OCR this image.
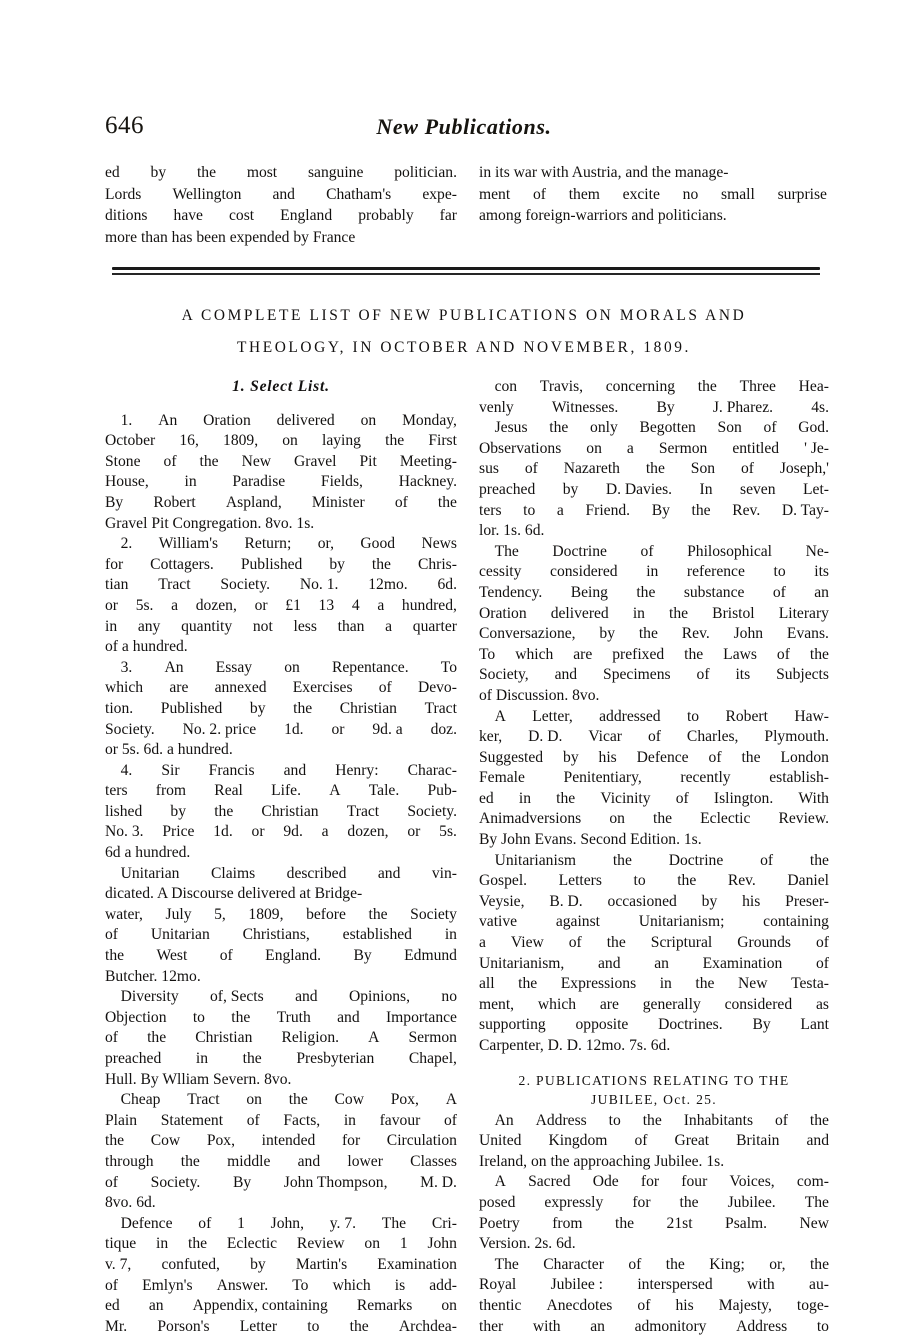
646	New Publications.
ed by the most sanguine politician.
Lords Wellington and Chatham's expe-
ditions have cost England probably far
more than has been expended by France
in its war with Austria, and the manage-
ment of them excite no small surprise
among foreign-warriors and politicians.
A COMPLETE LIST OF NEW PUBLICATIONS ON MORALS AND
THEOLOGY, IN OCTOBER AND NOVEMBER, 1809.
1. Select List.
 1. An Oration delivered on Monday,
October 16, 1809, on laying the First
Stone of the New Gravel Pit Meeting-
House, in Paradise Fields, Hackney.
By Robert Aspland, Minister of the
Gravel Pit Congregation. 8vo. 1s.
 2. William's Return; or, Good News
for Cottagers. Published by the Chris-
tian Tract Society. No. 1. 12mo. 6d.
or 5s. a dozen, or £1 13 4 a hundred,
in any quantity not less than a quarter
of a hundred.
 3. An Essay on Repentance. To
which are annexed Exercises of Devo-
tion. Published by the Christian Tract
Society. No. 2. price 1d. or 9d. a doz.
or 5s. 6d. a hundred.
 4. Sir Francis and Henry: Charac-
ters from Real Life. A Tale. Pub-
lished by the Christian Tract Society.
No. 3. Price 1d. or 9d. a dozen, or 5s.
6d a hundred.
 Unitarian Claims described and vin-
dicated. A Discourse delivered at Bridge-
water, July 5, 1809, before the Society
of Unitarian Christians, established in
the West of England. By Edmund
Butcher. 12mo.
 Diversity of, Sects and Opinions, no
Objection to the Truth and Importance
of the Christian Religion. A Sermon
preached in the Presbyterian Chapel,
Hull. By Wlliam Severn. 8vo.
 Cheap Tract on the Cow Pox, A
Plain Statement of Facts, in favour of
the Cow Pox, intended for Circulation
through the middle and lower Classes
of Society. By John Thompson, M. D.
8vo. 6d.
 Defence of 1 John, y. 7. The Cri-
tique in the Eclectic Review on 1 John
v. 7, confuted, by Martin's Examination
of Emlyn's Answer. To which is add-
ed an Appendix, containing Remarks on
Mr. Porson's Letter to the Archdea-
 con Travis, concerning the Three Hea-
venly Witnesses. By J. Pharez. 4s.
 Jesus the only Begotten Son of God.
Observations on a Sermon entitled ' Je-
sus of Nazareth the Son of Joseph,'
preached by D. Davies. In seven Let-
ters to a Friend. By the Rev. D. Tay-
lor. 1s. 6d.
 The Doctrine of Philosophical Ne-
cessity considered in reference to its
Tendency. Being the substance of an
Oration delivered in the Bristol Literary
Conversazione, by the Rev. John Evans.
To which are prefixed the Laws of the
Society, and Specimens of its Subjects
of Discussion. 8vo.
 A Letter, addressed to Robert Haw-
ker, D. D. Vicar of Charles, Plymouth.
Suggested by his Defence of the London
Female Penitentiary, recently establish-
ed in the Vicinity of Islington. With
Animadversions on the Eclectic Review.
By John Evans. Second Edition. 1s.
 Unitarianism the Doctrine of the
Gospel. Letters to the Rev. Daniel
Veysie, B. D. occasioned by his Preser-
vative against Unitarianism; containing
a View of the Scriptural Grounds of
Unitarianism, and an Examination of
all the Expressions in the New Testa-
ment, which are generally considered as
supporting opposite Doctrines. By Lant
Carpenter, D. D. 12mo. 7s. 6d.
2. PUBLICATIONS RELATING TO THE
JUBILEE, Oct. 25.
 An Address to the Inhabitants of the
United Kingdom of Great Britain and
Ireland, on the approaching Jubilee. 1s.
 A Sacred Ode for four Voices, com-
posed expressly for the Jubilee. The
Poetry from the 21st Psalm. New
Version. 2s. 6d.
 The Character of the King; or, the
Royal Jubilee : interspersed with au-
thentic Anecdotes of his Majesty, toge-
ther with an admonitory Address to
